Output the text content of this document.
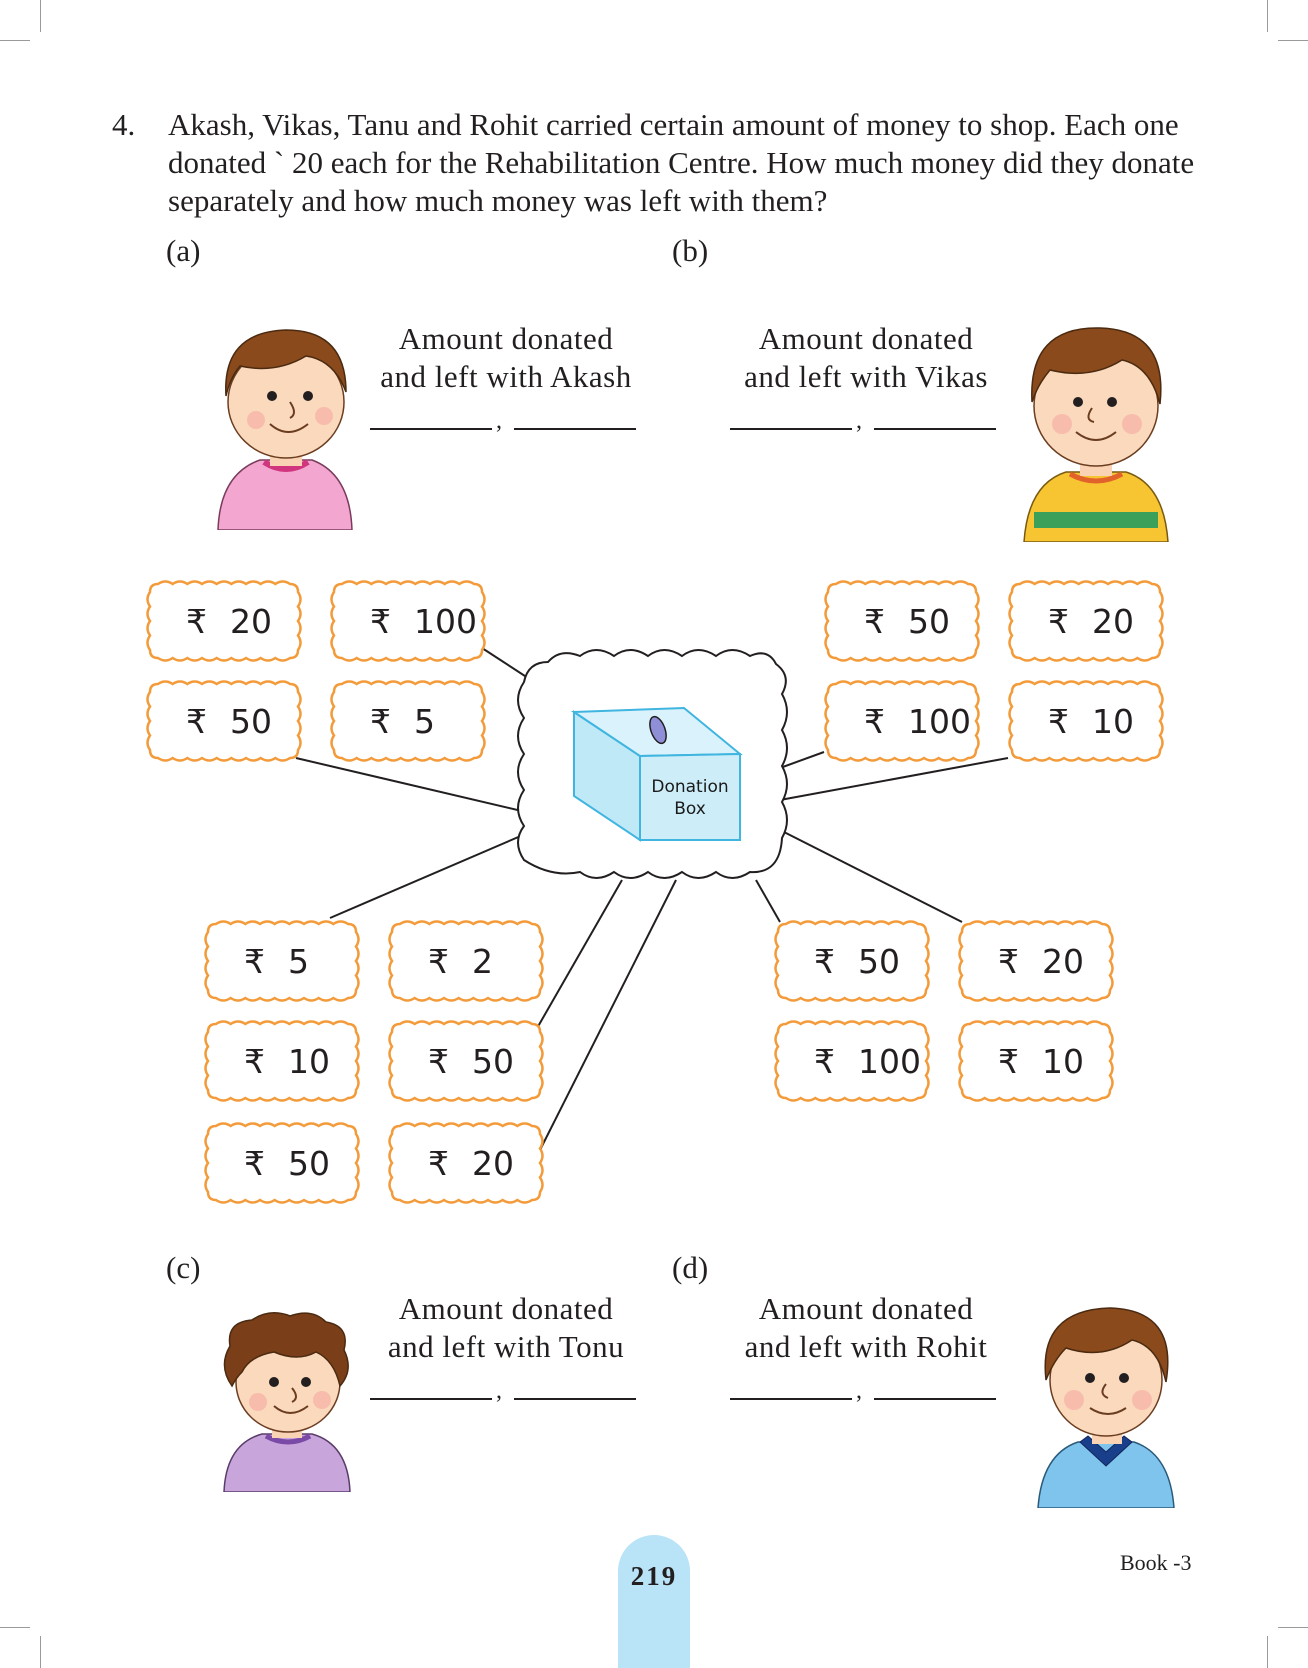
4. Akash, Vikas, Tanu and Rohit carried certain amount of money to shop. Each one donated ` 20 each for the Rehabilitation Centre. How much money did they donate separately and how much money was left with them?
(a)	(b)
(c)	(d)
Amount donated
and left with Akash
Amount donated
and left with Vikas
Amount donated
and left with Tonu
Amount donated
and left with Rohit
,	,
,	,
Donation
Box
₹ 20	₹ 100
₹ 50	₹ 5
₹ 50	₹ 20
₹ 100 ₹ 10
₹ 5	₹ 2
₹ 10	₹ 50
₹ 50	₹ 20
₹ 50	₹ 20
₹ 100 ₹ 10
219	Book -3
